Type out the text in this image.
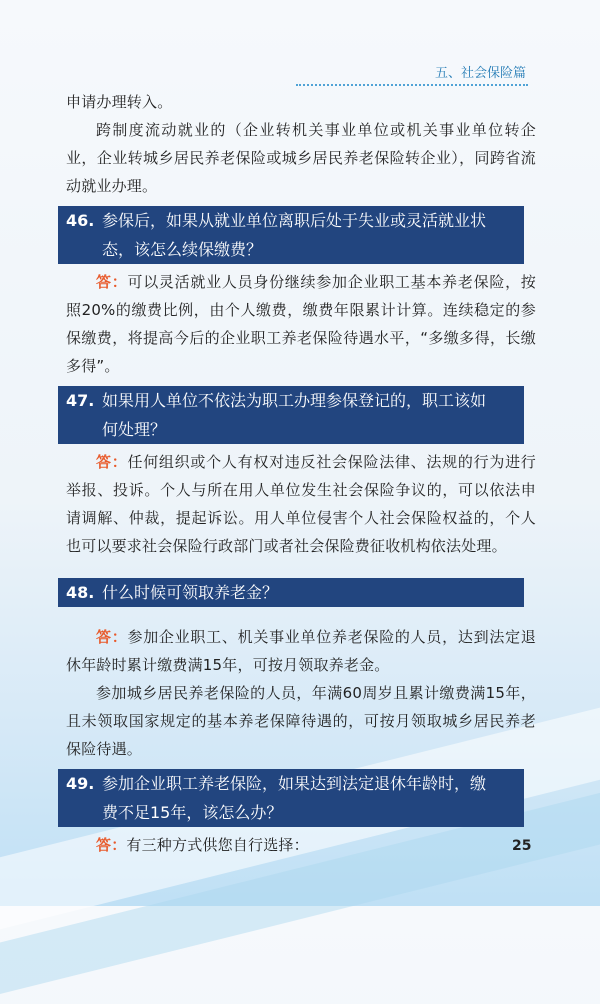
五、社会保险篇

申请办理转入。

跨制度流动就业的（企业转机关事业单位或机关事业单位转企业，企业转城乡居民养老保险或城乡居民养老保险转企业），同跨省流动就业办理。

46. 参保后，如果从就业单位离职后处于失业或灵活就业状
态，该怎么续保缴费？

答：可以灵活就业人员身份继续参加企业职工基本养老保险，按照20%的缴费比例，由个人缴费，缴费年限累计计算。连续稳定的参保缴费，将提高今后的企业职工养老保险待遇水平，“多缴多得，长缴多得”。

47. 如果用人单位不依法为职工办理参保登记的，职工该如
何处理？

答：任何组织或个人有权对违反社会保险法律、法规的行为进行举报、投诉。个人与所在用人单位发生社会保险争议的，可以依法申请调解、仲裁，提起诉讼。用人单位侵害个人社会保险权益的，个人也可以要求社会保险行政部门或者社会保险费征收机构依法处理。

48. 什么时候可领取养老金？

答：参加企业职工、机关事业单位养老保险的人员，达到法定退休年龄时累计缴费满15年，可按月领取养老金。

参加城乡居民养老保险的人员，年满60周岁且累计缴费满15年，且未领取国家规定的基本养老保障待遇的，可按月领取城乡居民养老保险待遇。

49. 参加企业职工养老保险，如果达到法定退休年龄时，缴
费不足15年，该怎么办？

答：有三种方式供您自行选择：	25
